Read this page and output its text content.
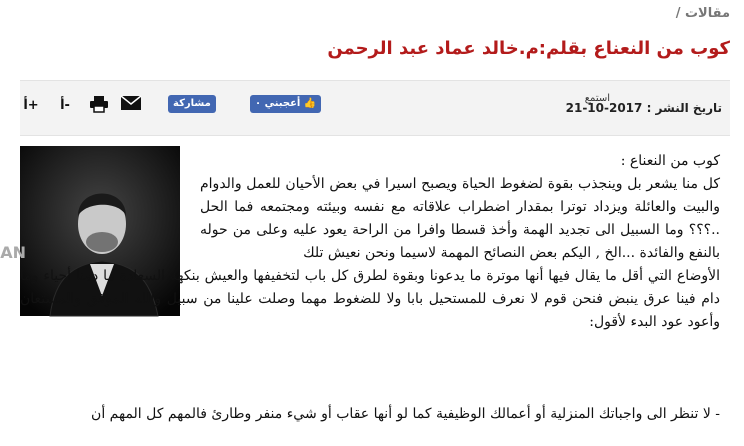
مقالات /
كوب من النعناع بقلم:م.خالد عماد عبد الرحمن
تاريخ النشر : 2017-10-21
استمع
👍 أعجبني ٠
مشاركة
أ+	أ-
AN

كوب من النعناع :

كل منا يشعر بل وينجذب بقوة لضغوط الحياة ويصبح اسيرا في بعض الأحيان للعمل والدوام والبيت والعائلة ويزداد توترا بمقدار اضطراب علاقاته مع نفسه وبيئته ومجتمعه فما الحل ..؟؟؟ وما السبيل الى تجديد الهمة وأخذ قسطا وافرا من الراحة يعود عليه وعلى من حوله بالنفع والفائدة ...الخ , اليكم بعض النصائح المهمة لاسيما ونحن نعيش تلك

الأوضاع التي أقل ما يقال فيها أنها موترة ما يدعونا وبقوة لطرق كل باب لتخفيفها والعيش بنكهة السعادة ما دمنا أحياء وما دام فينا عرق ينبض فنحن قوم لا نعرف للمستحيل بابا ولا للضغوط مهما وصلت علينا من سبيل والله الموفق والمستعان وأعود عود البدء لأقول:
- لا تنظر الى واجباتك المنزلية أو أعمالك الوظيفية كما لو أنها عقاب أو شيء منفر وطارئ فالمهم كل المهم أن
